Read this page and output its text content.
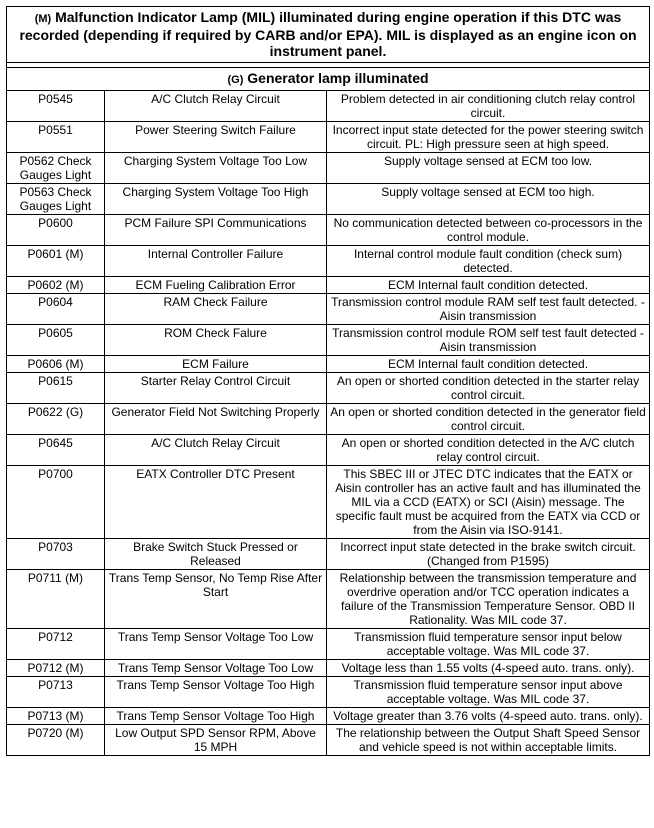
(M) Malfunction Indicator Lamp (MIL) illuminated during engine operation if this DTC was recorded (depending if required by CARB and/or EPA). MIL is displayed as an engine icon on instrument panel.		

(G) Generator lamp illuminated		
P0545	A/C Clutch Relay Circuit	Problem detected in air conditioning clutch relay control circuit.
P0551	Power Steering Switch Failure	Incorrect input state detected for the power steering switch circuit. PL: High pressure seen at high speed.
P0562 Check Gauges Light	Charging System Voltage Too Low	Supply voltage sensed at ECM too low.
P0563 Check Gauges Light	Charging System Voltage Too High	Supply voltage sensed at ECM too high.
P0600	PCM Failure SPI Communications	No communication detected between co-processors in the control module.
P0601 (M)	Internal Controller Failure	Internal control module fault condition (check sum) detected.
P0602 (M)	ECM Fueling Calibration Error	ECM Internal fault condition detected.
P0604	RAM Check Failure	Transmission control module RAM self test fault detected. -Aisin transmission
P0605	ROM Check Falure	Transmission control module ROM self test fault detected -Aisin transmission
P0606 (M)	ECM Failure	ECM Internal fault condition detected.
P0615	Starter Relay Control Circuit	An open or shorted condition detected in the starter relay control circuit.
P0622 (G)	Generator Field Not Switching Properly	An open or shorted condition detected in the generator field control circuit.
P0645	A/C Clutch Relay Circuit	An open or shorted condition detected in the A/C clutch relay control circuit.
P0700	EATX Controller DTC Present	This SBEC III or JTEC DTC indicates that the EATX or Aisin controller has an active fault and has illuminated the MIL via a CCD (EATX) or SCI (Aisin) message. The specific fault must be acquired from the EATX via CCD or from the Aisin via ISO-9141.
P0703	Brake Switch Stuck Pressed or Released	Incorrect input state detected in the brake switch circuit. (Changed from P1595)
P0711 (M)	Trans Temp Sensor, No Temp Rise After Start	Relationship between the transmission temperature and overdrive operation and/or TCC operation indicates a failure of the Transmission Temperature Sensor. OBD II Rationality. Was MIL code 37.
P0712	Trans Temp Sensor Voltage Too Low	Transmission fluid temperature sensor input below acceptable voltage. Was MIL code 37.
P0712 (M)	Trans Temp Sensor Voltage Too Low	Voltage less than 1.55 volts (4-speed auto. trans. only).
P0713	Trans Temp Sensor Voltage Too High	Transmission fluid temperature sensor input above acceptable voltage. Was MIL code 37.
P0713 (M)	Trans Temp Sensor Voltage Too High	Voltage greater than 3.76 volts (4-speed auto. trans. only).
P0720 (M)	Low Output SPD Sensor RPM, Above 15 MPH	The relationship between the Output Shaft Speed Sensor and vehicle speed is not within acceptable limits.
